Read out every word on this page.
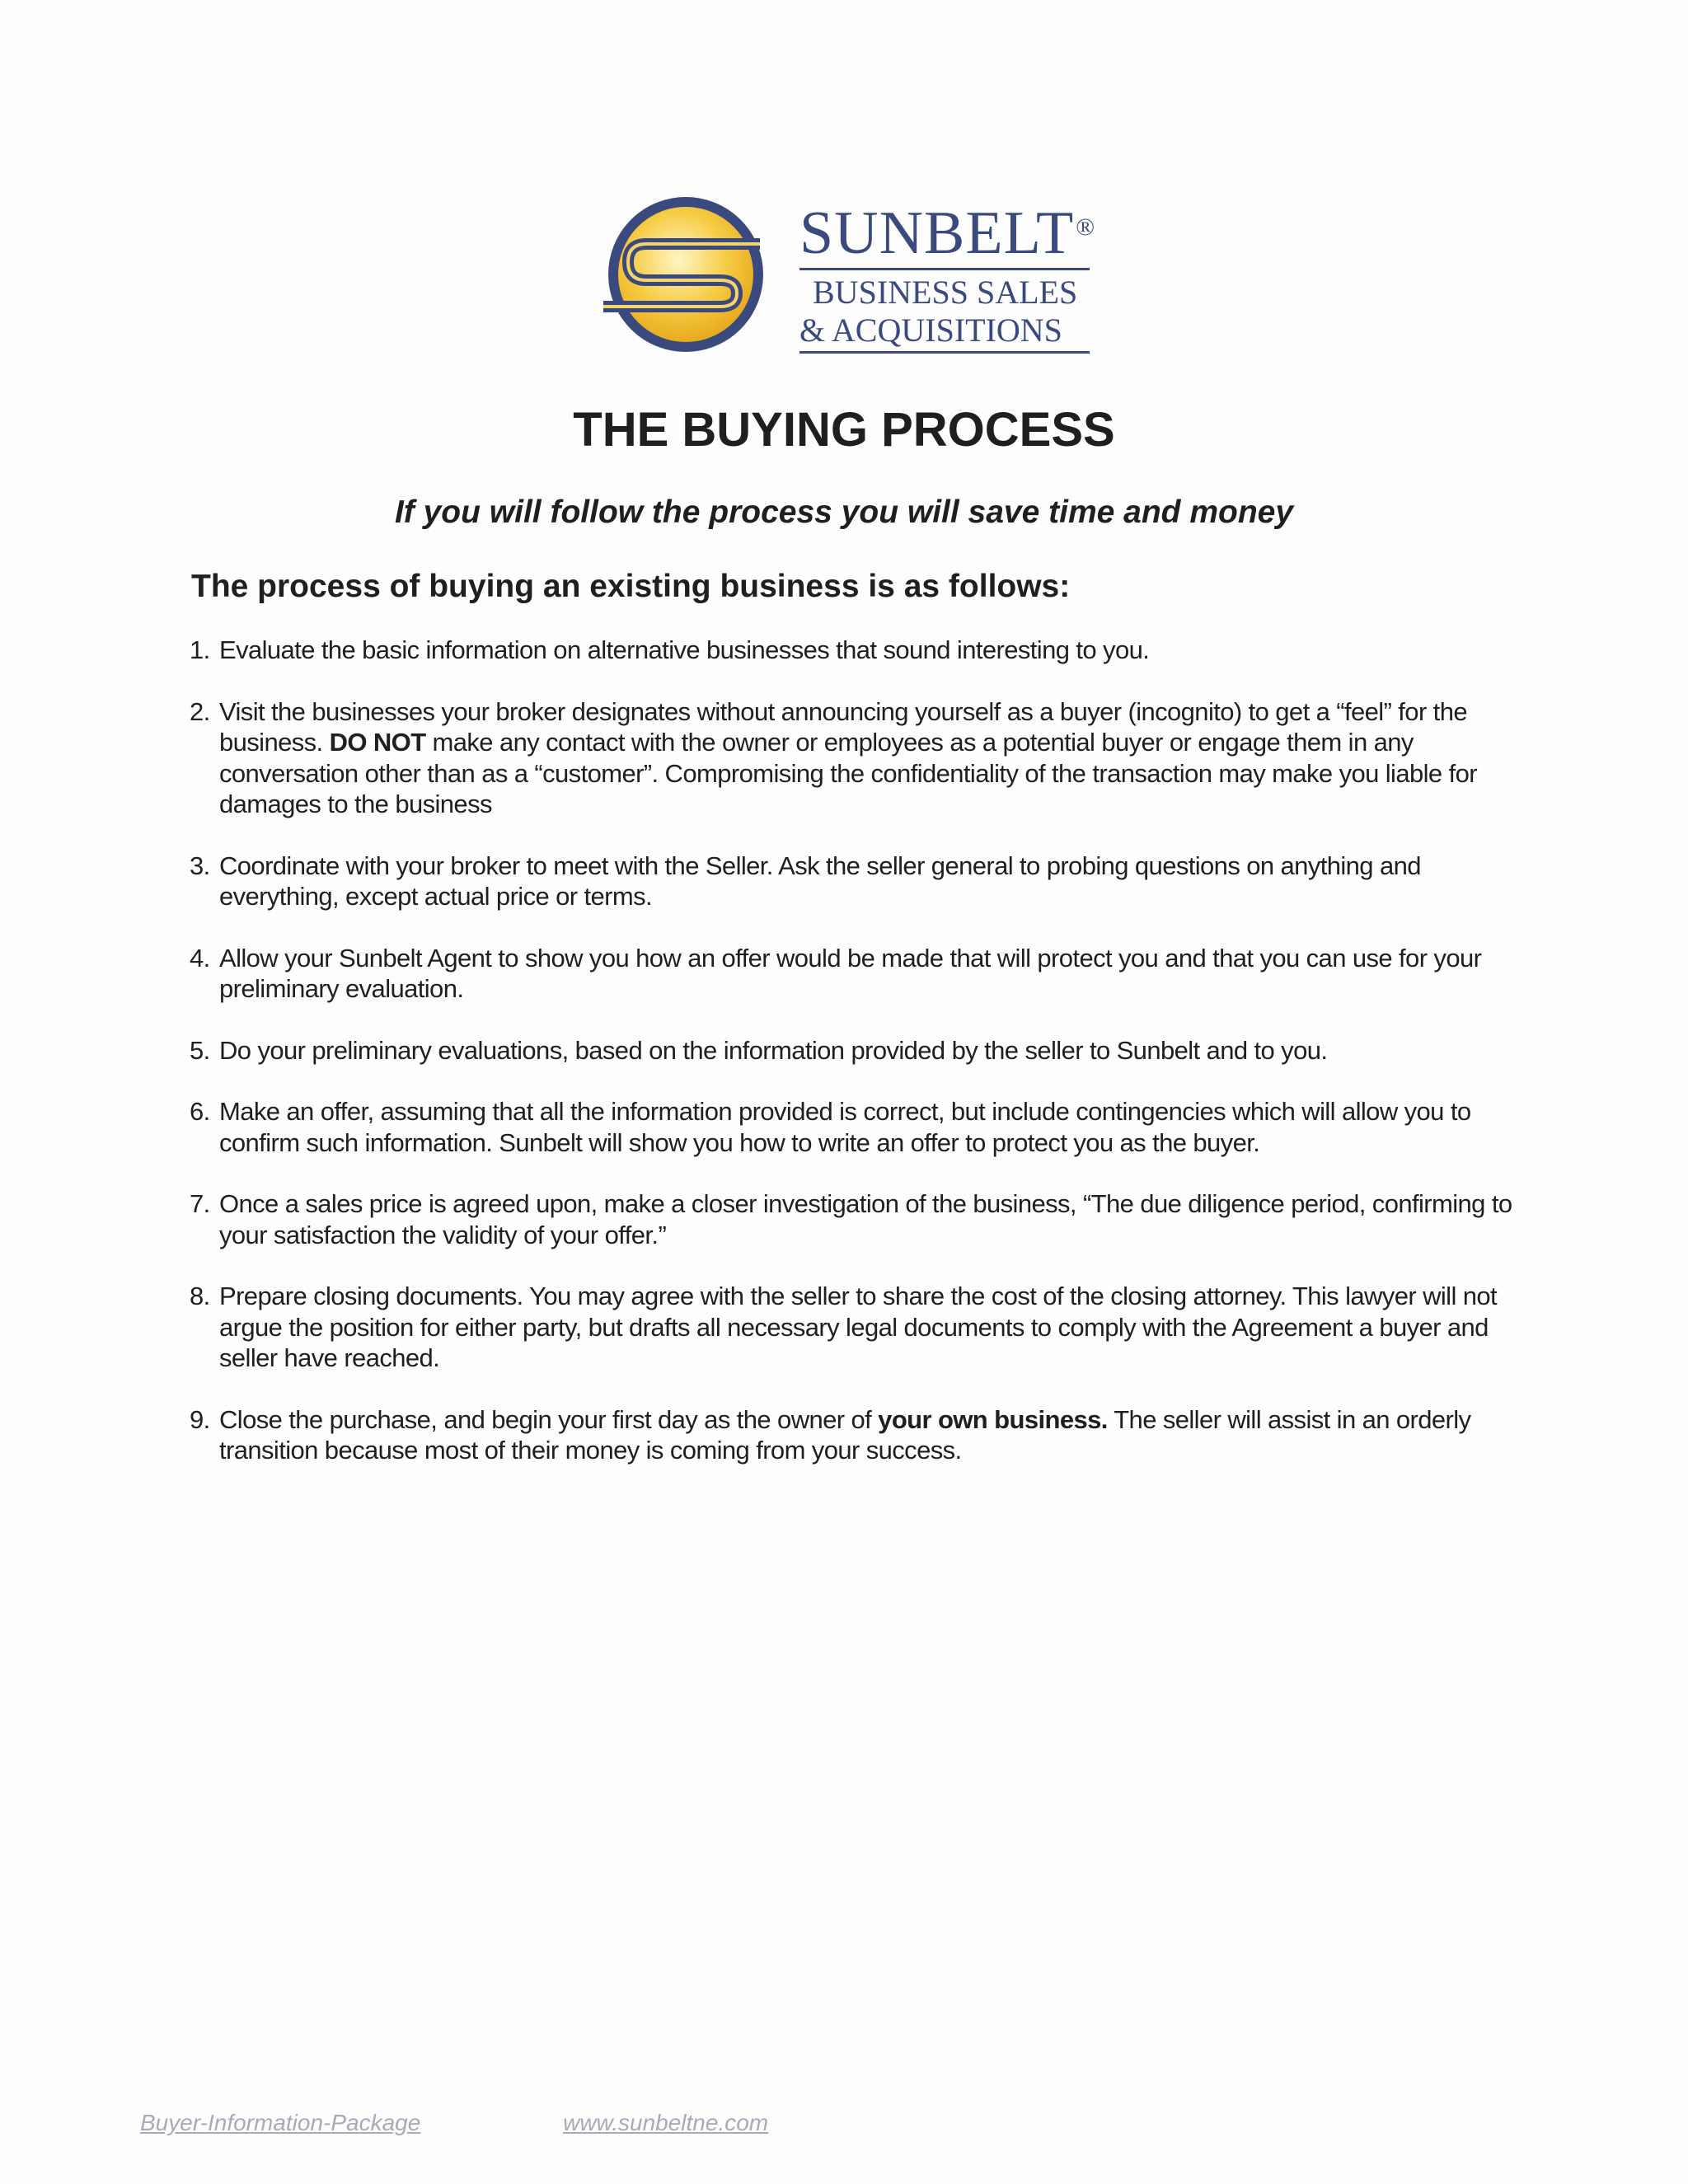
SUNBELT®
BUSINESS SALES
& ACQUISITIONS
THE BUYING PROCESS

If you will follow the process you will save time and money

The process of buying an existing business is as follows:
1. Evaluate the basic information on alternative businesses that sound interesting to you.
2. Visit the businesses your broker designates without announcing yourself as a buyer (incognito) to get a “feel” for the business. DO NOT make any contact with the owner or employees as a potential buyer or engage them in any conversation other than as a “customer”. Compromising the confidentiality of the transaction may make you liable for damages to the business
3. Coordinate with your broker to meet with the Seller. Ask the seller general to probing questions on anything and everything, except actual price or terms.
4. Allow your Sunbelt Agent to show you how an offer would be made that will protect you and that you can use for your preliminary evaluation.
5. Do your preliminary evaluations, based on the information provided by the seller to Sunbelt and to you.
6. Make an offer, assuming that all the information provided is correct, but include contingencies which will allow you to confirm such information. Sunbelt will show you how to write an offer to protect you as the buyer.
7. Once a sales price is agreed upon, make a closer investigation of the business, “The due diligence period, confirming to your satisfaction the validity of your offer.”
8. Prepare closing documents. You may agree with the seller to share the cost of the closing attorney. This lawyer will not argue the position for either party, but drafts all necessary legal documents to comply with the Agreement a buyer and seller have reached.
9. Close the purchase, and begin your first day as the owner of your own business. The seller will assist in an orderly transition because most of their money is coming from your success.
Buyer-Information-Package	www.sunbeltne.com
